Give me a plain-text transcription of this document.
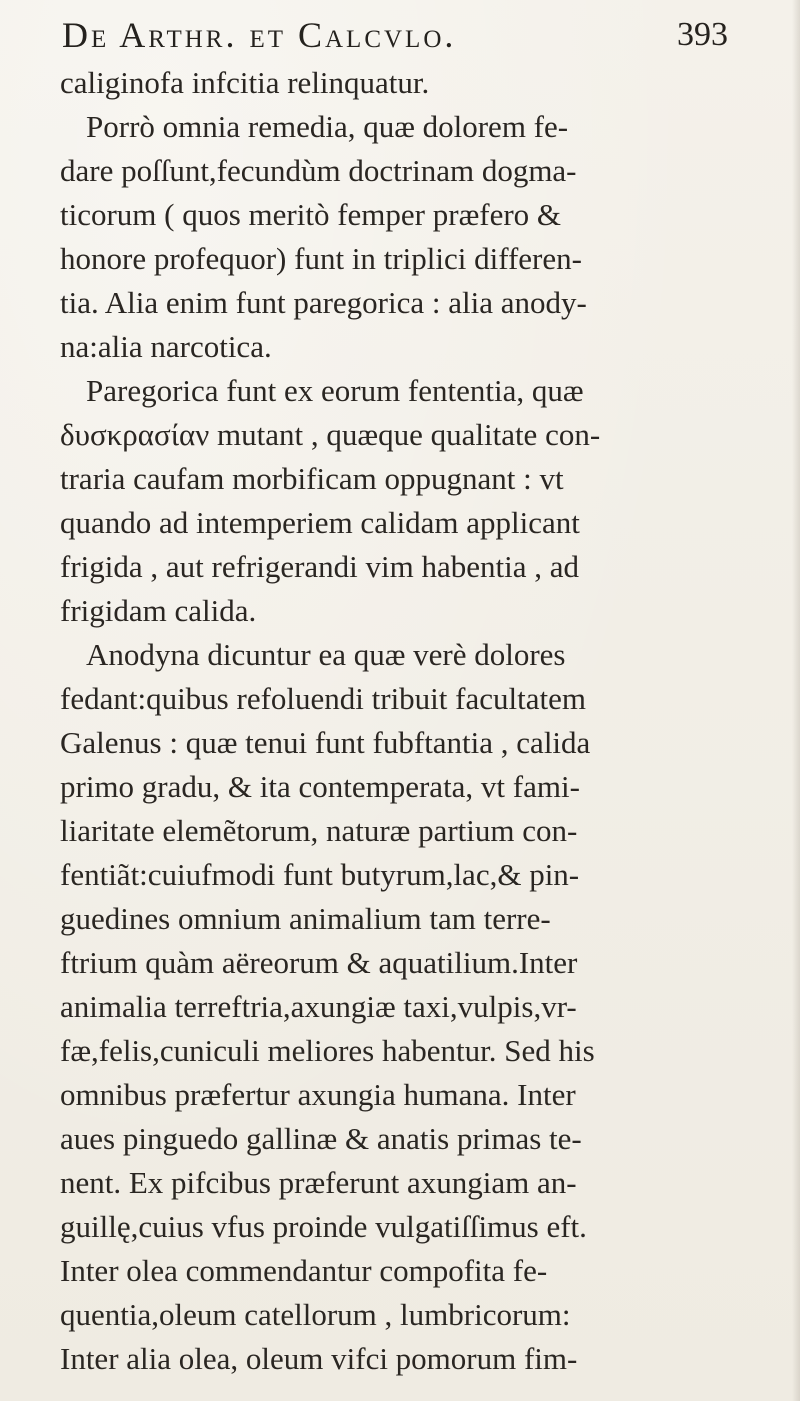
De Arthr. et Calcvlo.	393
caliginofa infcitia relinquatur.
Porrò omnia remedia, quæ dolorem fe-
dare poſſunt,fecundùm doctrinam dogma-
ticorum ( quos meritò femper præfero &
honore profequor) funt in triplici differen-
tia. Alia enim funt paregorica : alia anody-
na:alia narcotica.
Paregorica funt ex eorum fententia, quæ
δυσκρασίαν mutant , quæque qualitate con-
traria caufam morbificam oppugnant : vt
quando ad intemperiem calidam applicant
frigida , aut refrigerandi vim habentia , ad
frigidam calida.
Anodyna dicuntur ea quæ verè dolores
fedant:quibus refoluendi tribuit facultatem
Galenus : quæ tenui funt fubftantia , calida
primo gradu, & ita contemperata, vt fami-
liaritate elemẽtorum, naturæ partium con-
fentiãt:cuiufmodi funt butyrum,lac,& pin-
guedines omnium animalium tam terre-
ftrium quàm aëreorum & aquatilium.Inter
animalia terreftria,axungiæ taxi,vulpis,vr-
fæ,felis,cuniculi meliores habentur. Sed his
omnibus præfertur axungia humana. Inter
aues pinguedo gallinæ & anatis primas te-
nent. Ex pifcibus præferunt axungiam an-
guillę,cuius vfus proinde vulgatiſſimus eft.
Inter olea commendantur compofita fe-
quentia,oleum catellorum , lumbricorum:
Inter alia olea, oleum vifci pomorum fim-
